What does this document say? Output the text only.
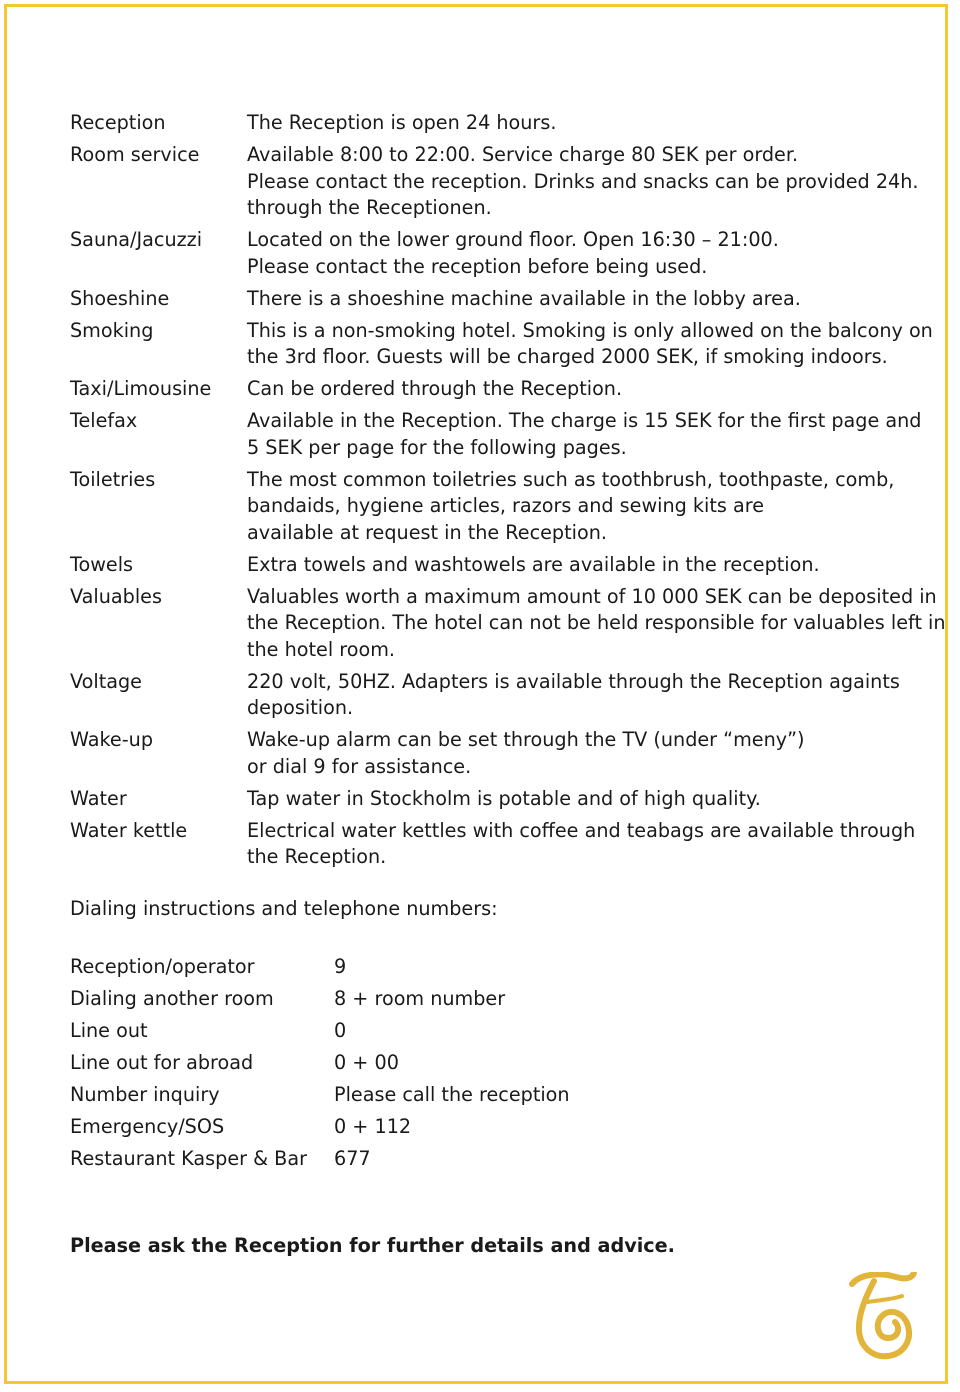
Reception	The Reception is open 24 hours.
Room service	Available 8:00 to 22:00. Service charge 80 SEK per order.
Please contact the reception. Drinks and snacks can be provided 24h.
through the Receptionen.
Sauna/Jacuzzi	Located on the lower ground floor. Open 16:30 – 21:00.
Please contact the reception before being used.
Shoeshine	There is a shoeshine machine available in the lobby area.
Smoking	This is a non-smoking hotel. Smoking is only allowed on the balcony on
the 3rd floor. Guests will be charged 2000 SEK, if smoking indoors.
Taxi/Limousine	Can be ordered through the Reception.
Telefax	Available in the Reception. The charge is 15 SEK for the first page and
5 SEK per page for the following pages.
Toiletries	The most common toiletries such as toothbrush, toothpaste, comb,
bandaids, hygiene articles, razors and sewing kits are
available at request in the Reception.
Towels	Extra towels and washtowels are available in the reception.
Valuables	Valuables worth a maximum amount of 10 000 SEK can be deposited in
the Reception. The hotel can not be held responsible for valuables left in
the hotel room.
Voltage	220 volt, 50HZ. Adapters is available through the Reception againts
deposition.
Wake-up	Wake-up alarm can be set through the TV (under “meny”)
or dial 9 for assistance.
Water	Tap water in Stockholm is potable and of high quality.
Water kettle	Electrical water kettles with coffee and teabags are available through
the Reception.
Dialing instructions and telephone numbers:
Reception/operator	9
Dialing another room	8 + room number
Line out	0
Line out for abroad	0 + 00
Number inquiry	Please call the reception
Emergency/SOS	0 + 112
Restaurant Kasper & Bar	677
Please ask the Reception for further details and advice.
